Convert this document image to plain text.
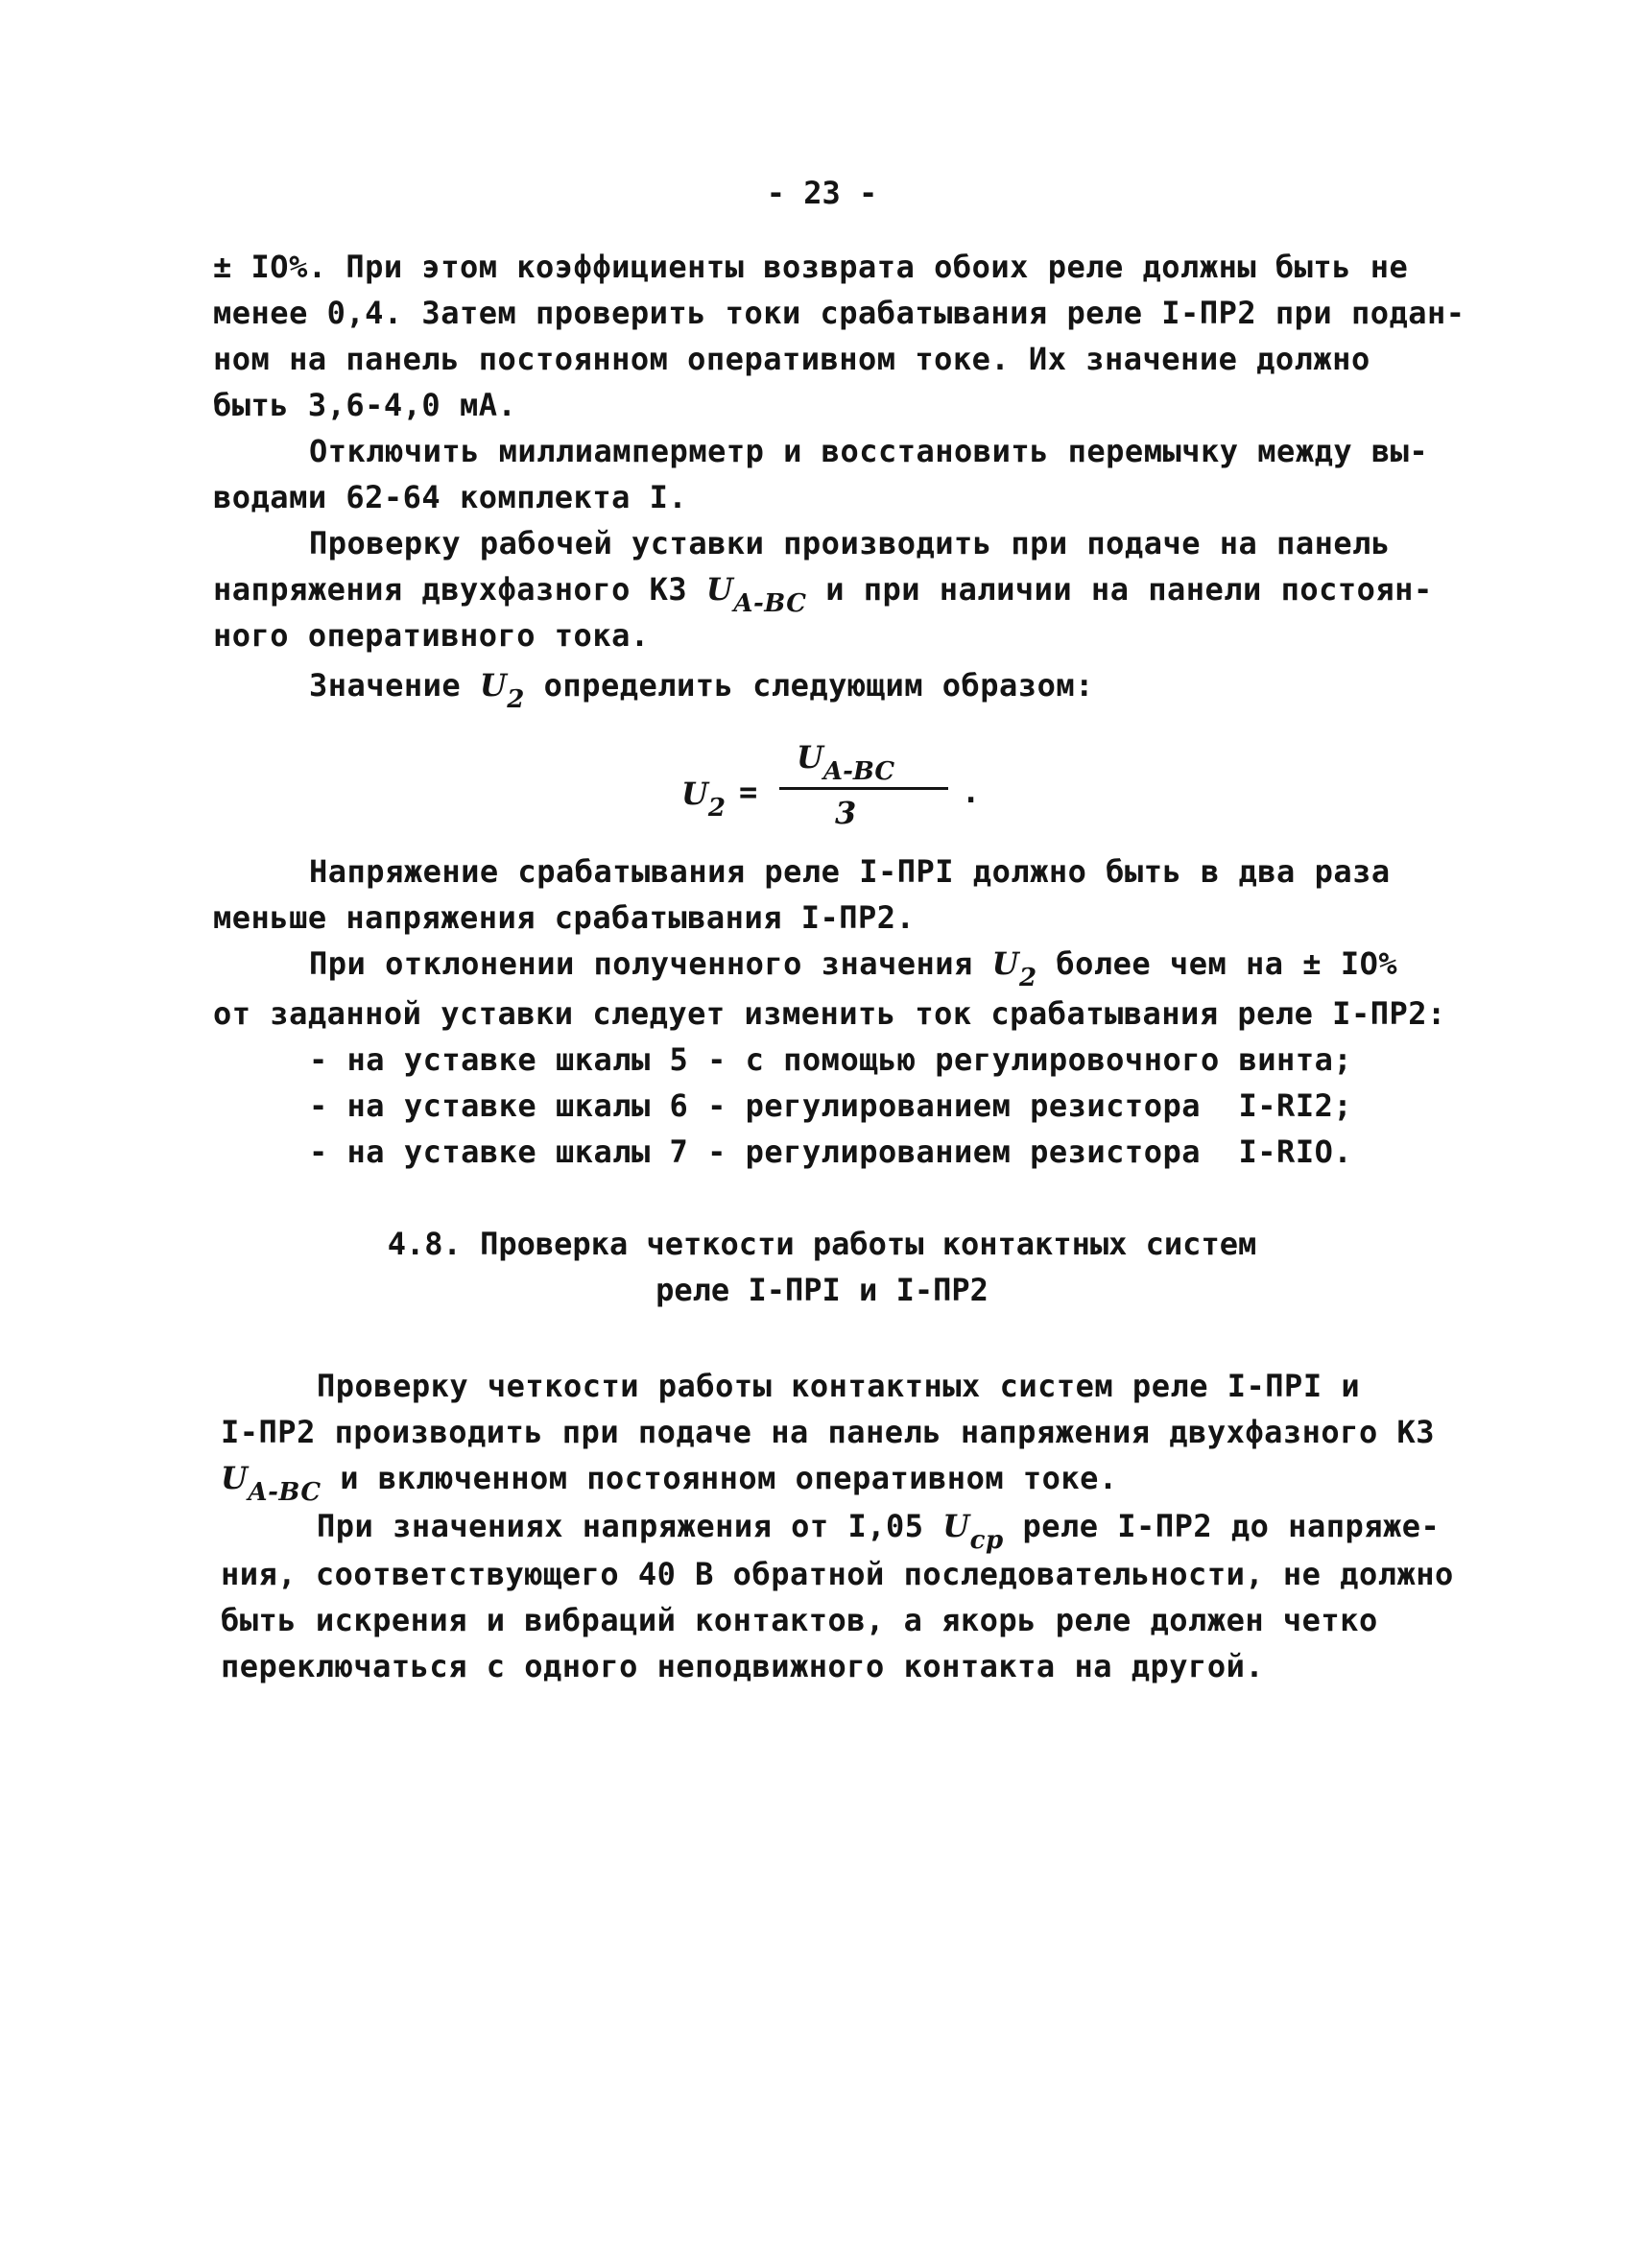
- 23 -
± IO%. При этом коэффициенты возврата обоих реле должны быть не
менее 0,4. Затем проверить токи срабатывания реле I-ПР2 при подан-
ном на панель постоянном оперативном токе. Их значение должно
быть 3,6-4,0 мА.
Отключить миллиамперметр и восстановить перемычку между вы-
водами 62-64 комплекта I.
Проверку рабочей уставки производить при подаче на панель
напряжения двухфазного КЗ $U_{A-BC}$ и при наличии на панели постоян-
ного оперативного тока.
Значение $U_2$ определить следующим образом:
$U_2$ =
$U_{A-BC}$
3
.
Напряжение срабатывания реле I-ПРI должно быть в два раза
меньше напряжения срабатывания I-ПР2.
При отклонении полученного значения $U_2$ более чем на ± IO%
от заданной уставки следует изменить ток срабатывания реле I-ПР2:
- на уставке шкалы 5 - с помощью регулировочного винта;
- на уставке шкалы 6 - регулированием резистора  I-RI2;
- на уставке шкалы 7 - регулированием резистора  I-RIO.
4.8. Проверка четкости работы контактных систем
реле I-ПРI и I-ПР2
Проверку четкости работы контактных систем реле I-ПРI и
I-ПР2 производить при подаче на панель напряжения двухфазного КЗ
$U_{A-BC}$ и включенном постоянном оперативном токе.
При значениях напряжения от I,05 $U_{ср}$ реле I-ПР2 до напряже-
ния, соответствующего 40 В обратной последовательности, не должно
быть искрения и вибраций контактов, а якорь реле должен четко
переключаться с одного неподвижного контакта на другой.
